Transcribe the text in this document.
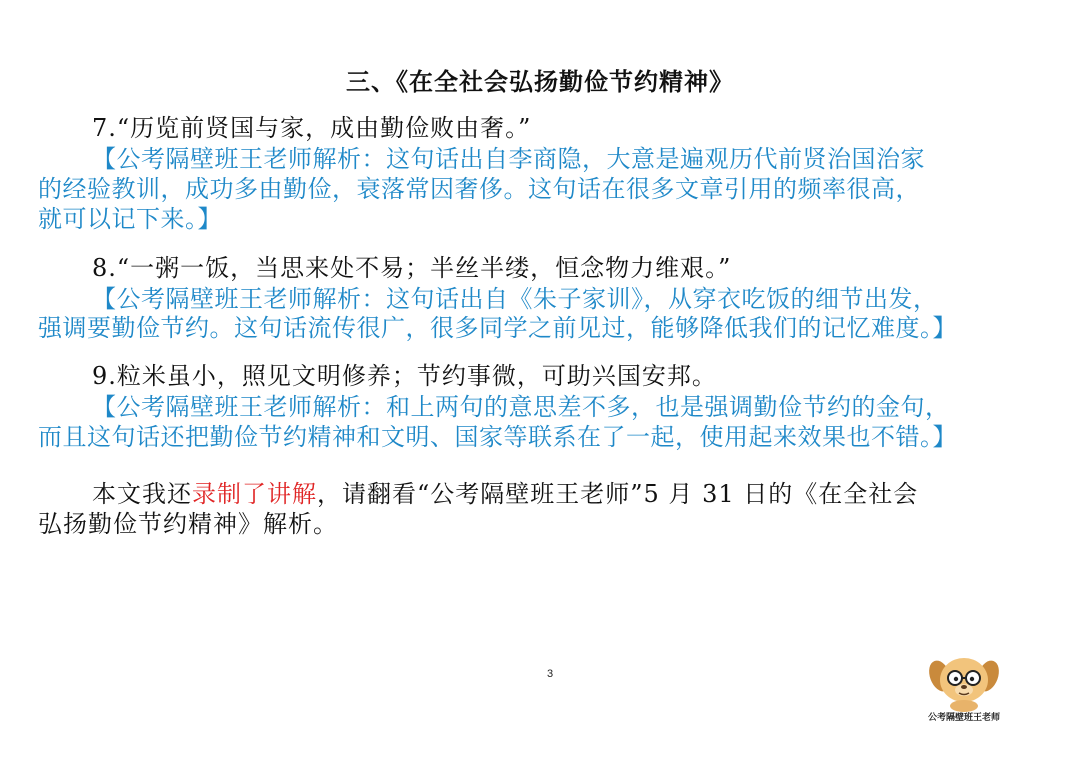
三、《在全社会弘扬勤俭节约精神》
7.“历览前贤国与家，成由勤俭败由奢。”
【公考隔壁班王老师解析：这句话出自李商隐，大意是遍观历代前贤治国治家
的经验教训，成功多由勤俭，衰落常因奢侈。这句话在很多文章引用的频率很高，
就可以记下来。】
8.“一粥一饭，当思来处不易；半丝半缕，恒念物力维艰。”
【公考隔壁班王老师解析：这句话出自《朱子家训》，从穿衣吃饭的细节出发，
强调要勤俭节约。这句话流传很广，很多同学之前见过，能够降低我们的记忆难度。】
9.粒米虽小，照见文明修养；节约事微，可助兴国安邦。
【公考隔壁班王老师解析：和上两句的意思差不多，也是强调勤俭节约的金句，
而且这句话还把勤俭节约精神和文明、国家等联系在了一起，使用起来效果也不错。】
本文我还录制了讲解，请翻看“公考隔壁班王老师”5 月 31 日的《在全社会
弘扬勤俭节约精神》解析。
3
公考隔壁班王老师
